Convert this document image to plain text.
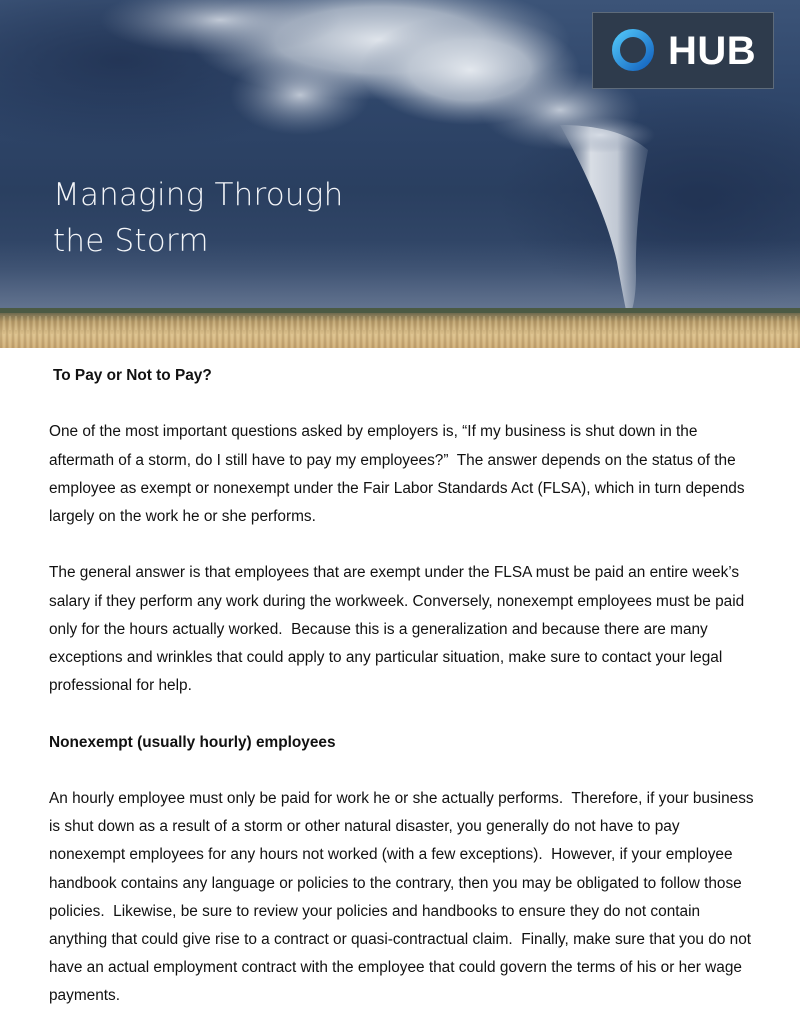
Managing Through
the Storm
HUB

To Pay or Not to Pay?

One of the most important questions asked by employers is, “If my business is shut down in the aftermath of a storm, do I still have to pay my employees?”  The answer depends on the status of the employee as exempt or nonexempt under the Fair Labor Standards Act (FLSA), which in turn depends largely on the work he or she performs.

The general answer is that employees that are exempt under the FLSA must be paid an entire week’s salary if they perform any work during the workweek. Conversely, nonexempt employees must be paid only for the hours actually worked.  Because this is a generalization and because there are many exceptions and wrinkles that could apply to any particular situation, make sure to contact your legal professional for help.

Nonexempt (usually hourly) employees

An hourly employee must only be paid for work he or she actually performs.  Therefore, if your business is shut down as a result of a storm or other natural disaster, you generally do not have to pay nonexempt employees for any hours not worked (with a few exceptions).  However, if your employee handbook contains any language or policies to the contrary, then you may be obligated to follow those policies.  Likewise, be sure to review your policies and handbooks to ensure they do not contain anything that could give rise to a contract or quasi-contractual claim.  Finally, make sure that you do not have an actual employment contract with the employee that could govern the terms of his or her wage payments.
